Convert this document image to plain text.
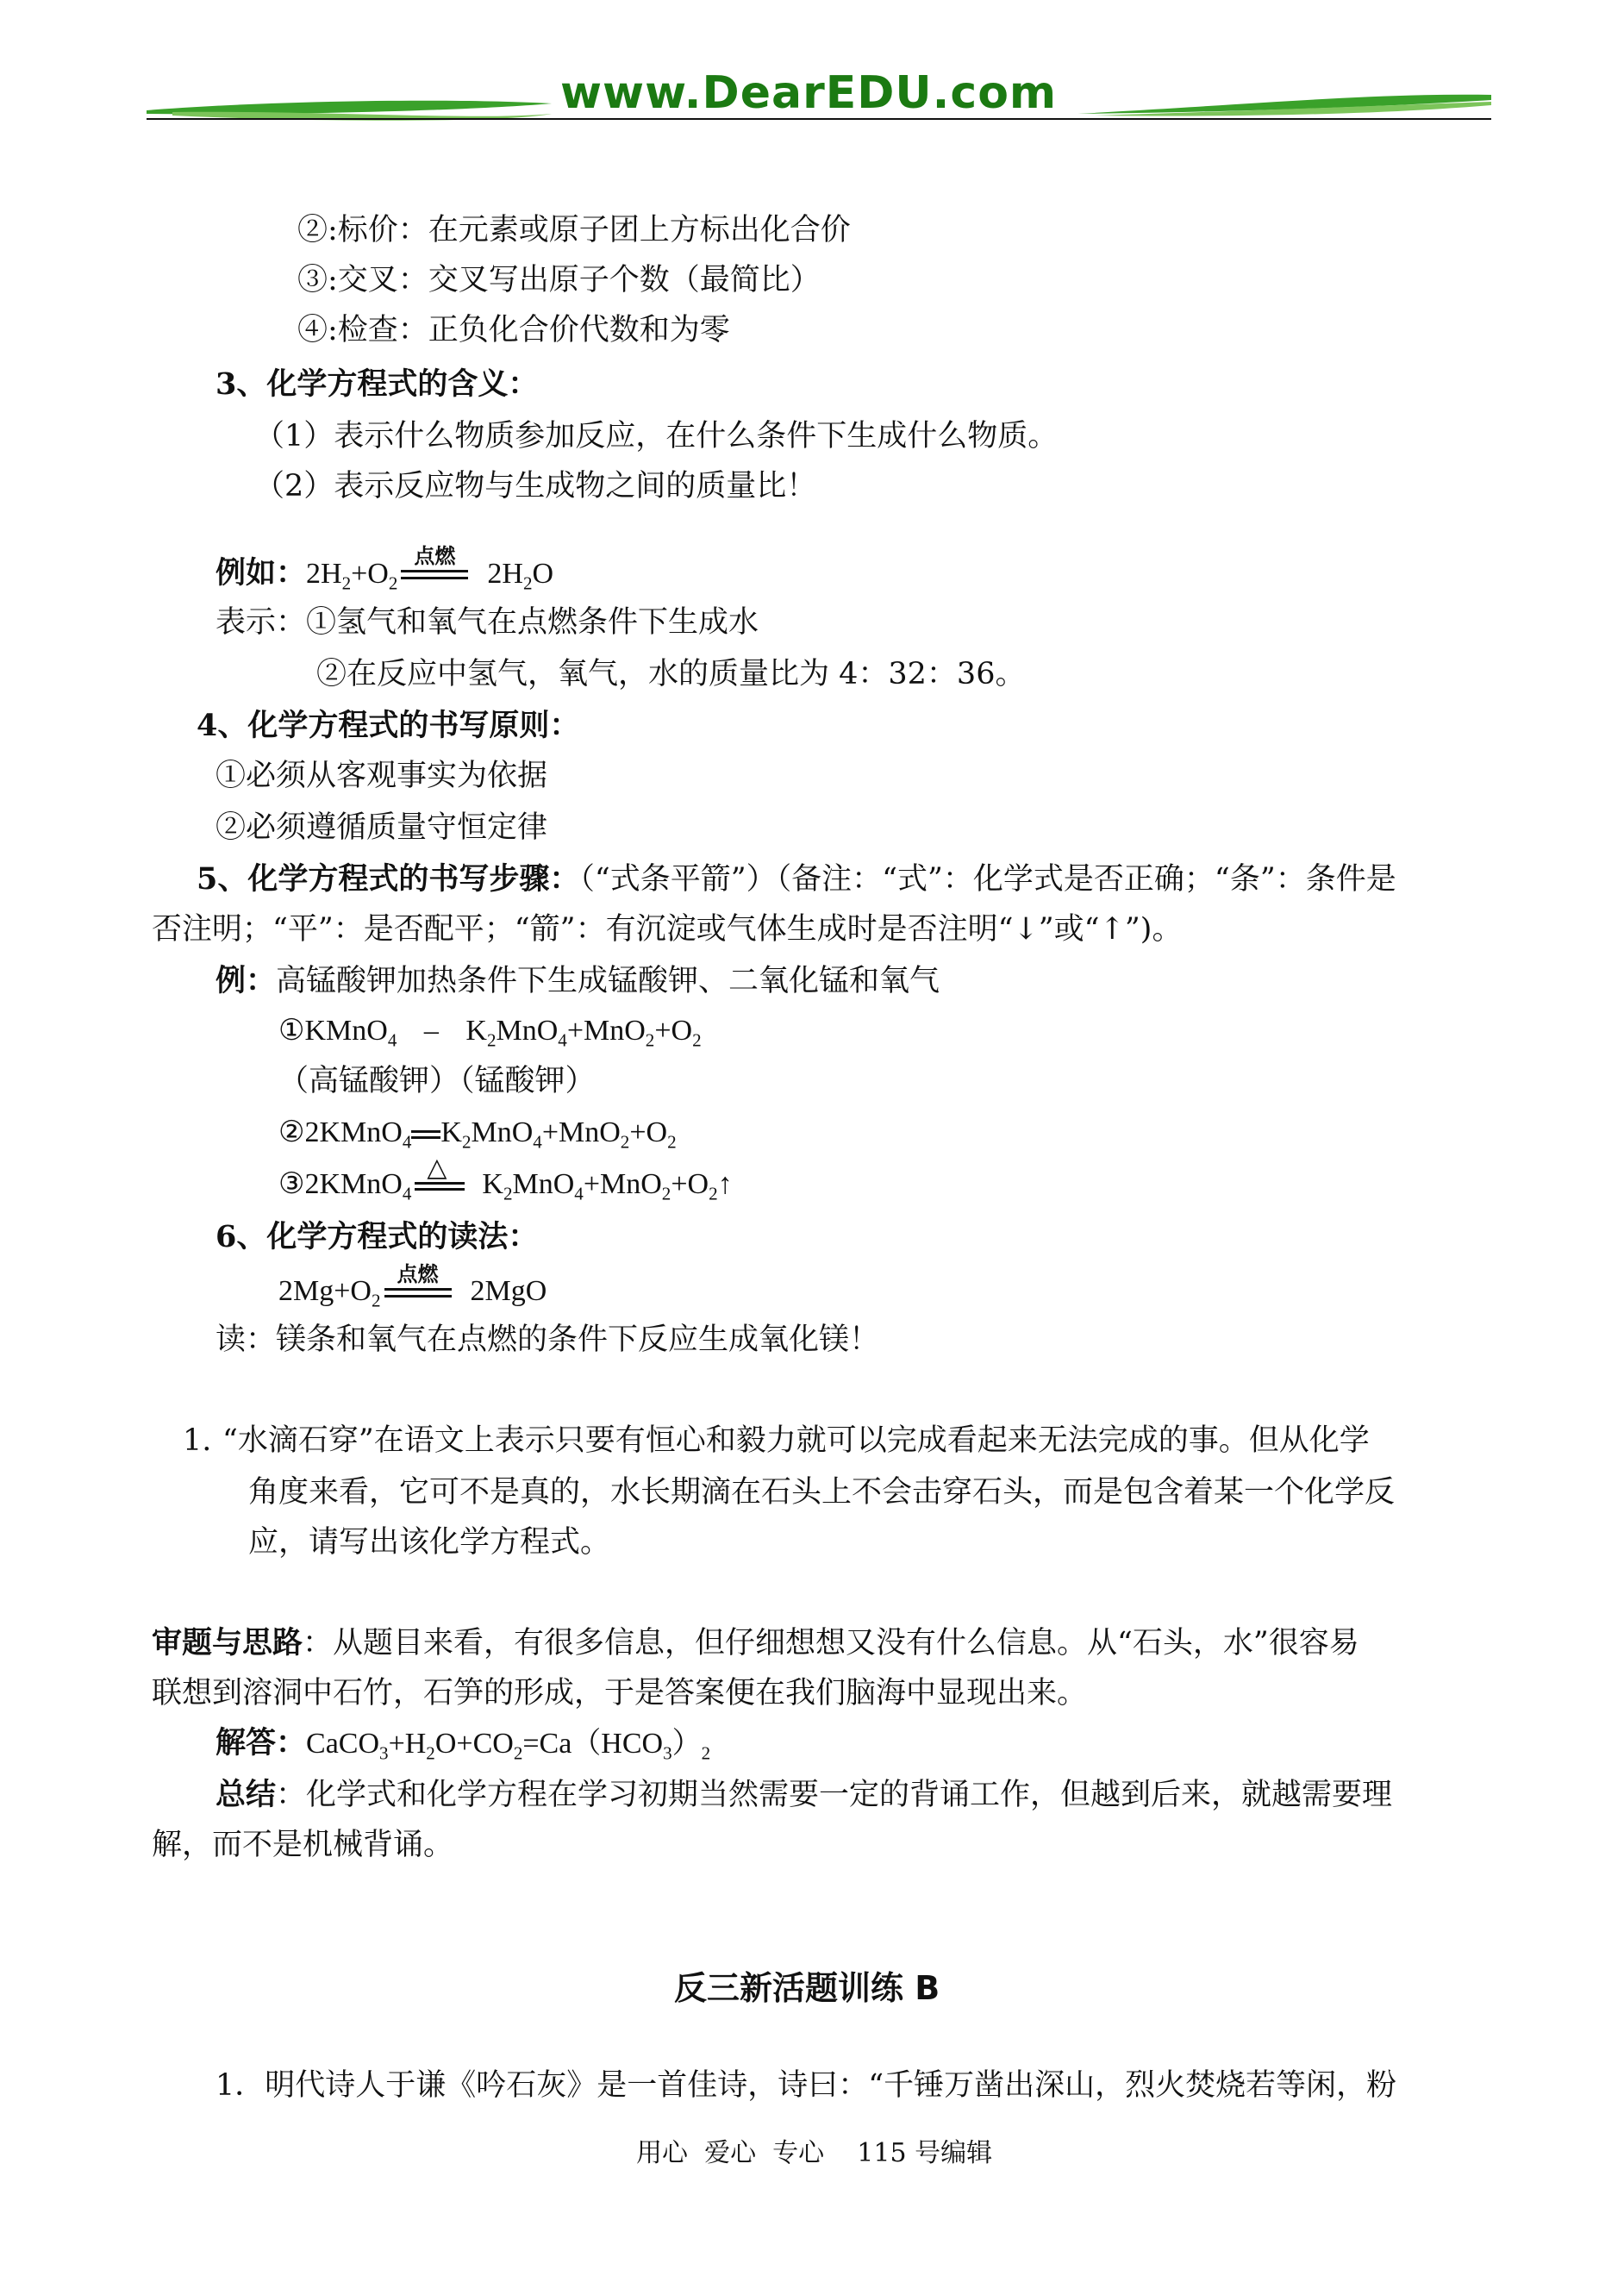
www.DearEDU.com
②:标价：在元素或原子团上方标出化合价
③:交叉：交叉写出原子个数（最简比）
④:检查：正负化合价代数和为零
3、化学方程式的含义：
（1）表示什么物质参加反应，在什么条件下生成什么物质。
（2）表示反应物与生成物之间的质量比！
例如：$2H_2+O_2$
点燃
$2H_2O$
表示：①氢气和氧气在点燃条件下生成水
②在反应中氢气，氧气，水的质量比为 4：32：36。
4、化学方程式的书写原则：
①必须从客观事实为依据
②必须遵循质量守恒定律
5、化学方程式的书写步骤：（“式条平箭”）（备注：“式”：化学式是否正确；“条”：条件是
否注明；“平”：是否配平；“箭”：有沉淀或气体生成时是否注明“↓”或“↑”)。
例：高锰酸钾加热条件下生成锰酸钾、二氧化锰和氧气
①KMnO$_4$ – $K_2MnO_4+MnO_2+O_2$
（高锰酸钾）（锰酸钾）
②2KMnO$_4$ $K_2MnO_4+MnO_2+O_2$
③2KMnO$_4$
△
$K_2MnO_4+MnO_2+O_2↑$
6、化学方程式的读法：
$2Mg+O_2$
点燃
2MgO
读：镁条和氧气在点燃的条件下反应生成氧化镁！
1. “水滴石穿”在语文上表示只要有恒心和毅力就可以完成看起来无法完成的事。但从化学
角度来看，它可不是真的，水长期滴在石头上不会击穿石头，而是包含着某一个化学反
应，请写出该化学方程式。
审题与思路：从题目来看，有很多信息，但仔细想想又没有什么信息。从“石头，水”很容易
联想到溶洞中石竹，石笋的形成，于是答案便在我们脑海中显现出来。
解答：$CaCO_3+H_2O+CO_2=Ca(HCO_3)_2$
总结：化学式和化学方程在学习初期当然需要一定的背诵工作，但越到后来，就越需要理
解，而不是机械背诵。
反三新活题训练 B
1．明代诗人于谦《吟石灰》是一首佳诗，诗曰：“千锤万凿出深山，烈火焚烧若等闲，粉
用心  爱心  专心    115 号编辑
